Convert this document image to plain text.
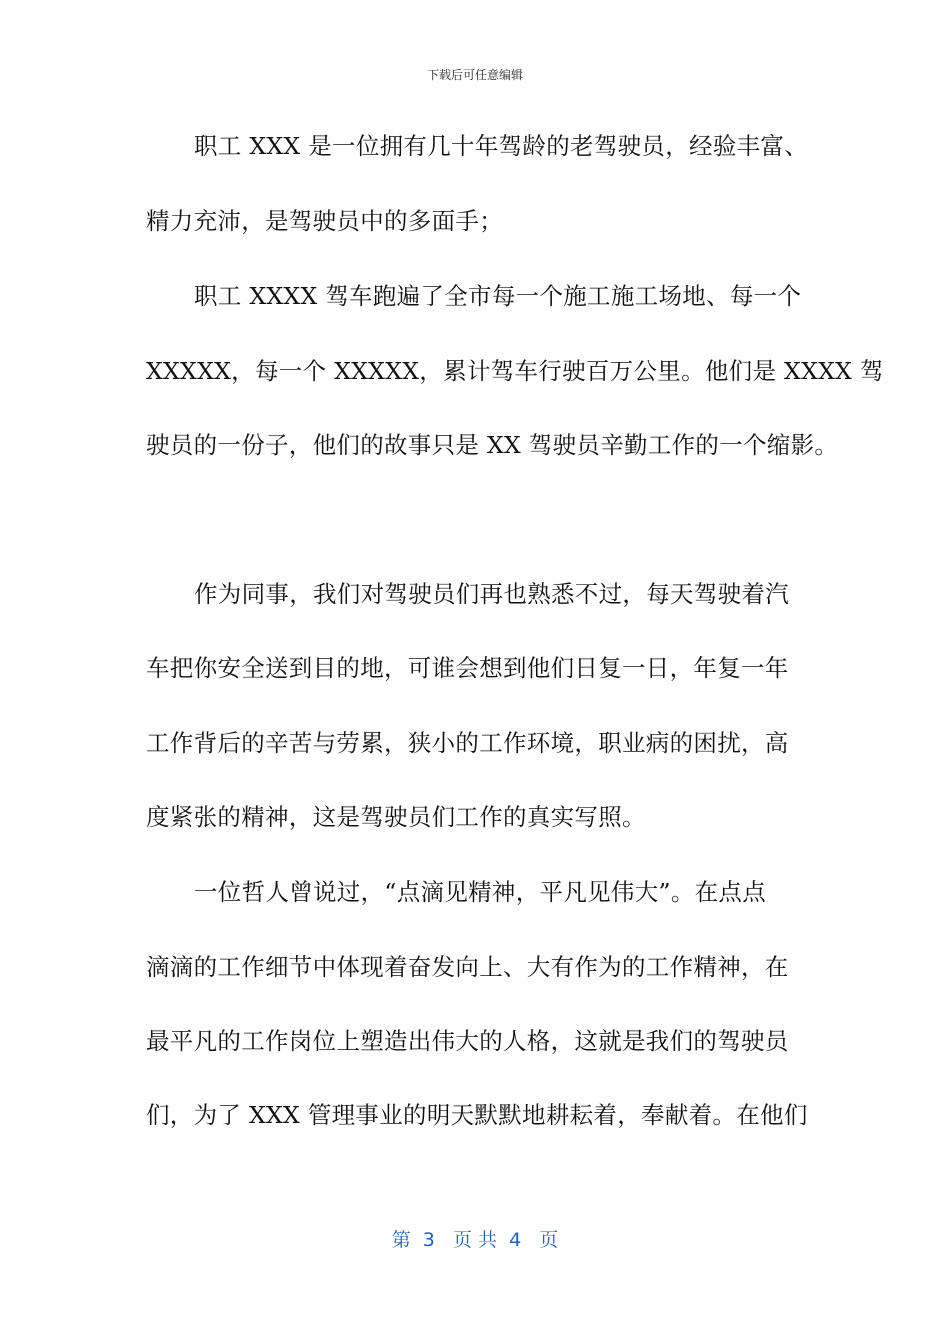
下载后可任意编辑
职工 XXX 是一位拥有几十年驾龄的老驾驶员，经验丰富、
精力充沛，是驾驶员中的多面手；
职工 XXXX 驾车跑遍了全市每一个施工施工场地、每一个
XXXXX，每一个 XXXXX，累计驾车行驶百万公里。他们是 XXXX 驾
驶员的一份子，他们的故事只是 XX 驾驶员辛勤工作的一个缩影。
作为同事，我们对驾驶员们再也熟悉不过，每天驾驶着汽
车把你安全送到目的地，可谁会想到他们日复一日，年复一年
工作背后的辛苦与劳累，狭小的工作环境，职业病的困扰，高
度紧张的精神，这是驾驶员们工作的真实写照。
一位哲人曾说过，“点滴见精神，平凡见伟大”。在点点
滴滴的工作细节中体现着奋发向上、大有作为的工作精神，在
最平凡的工作岗位上塑造出伟大的人格，这就是我们的驾驶员
们，为了 XXX 管理事业的明天默默地耕耘着，奉献着。在他们
第  3   页 共  4   页
